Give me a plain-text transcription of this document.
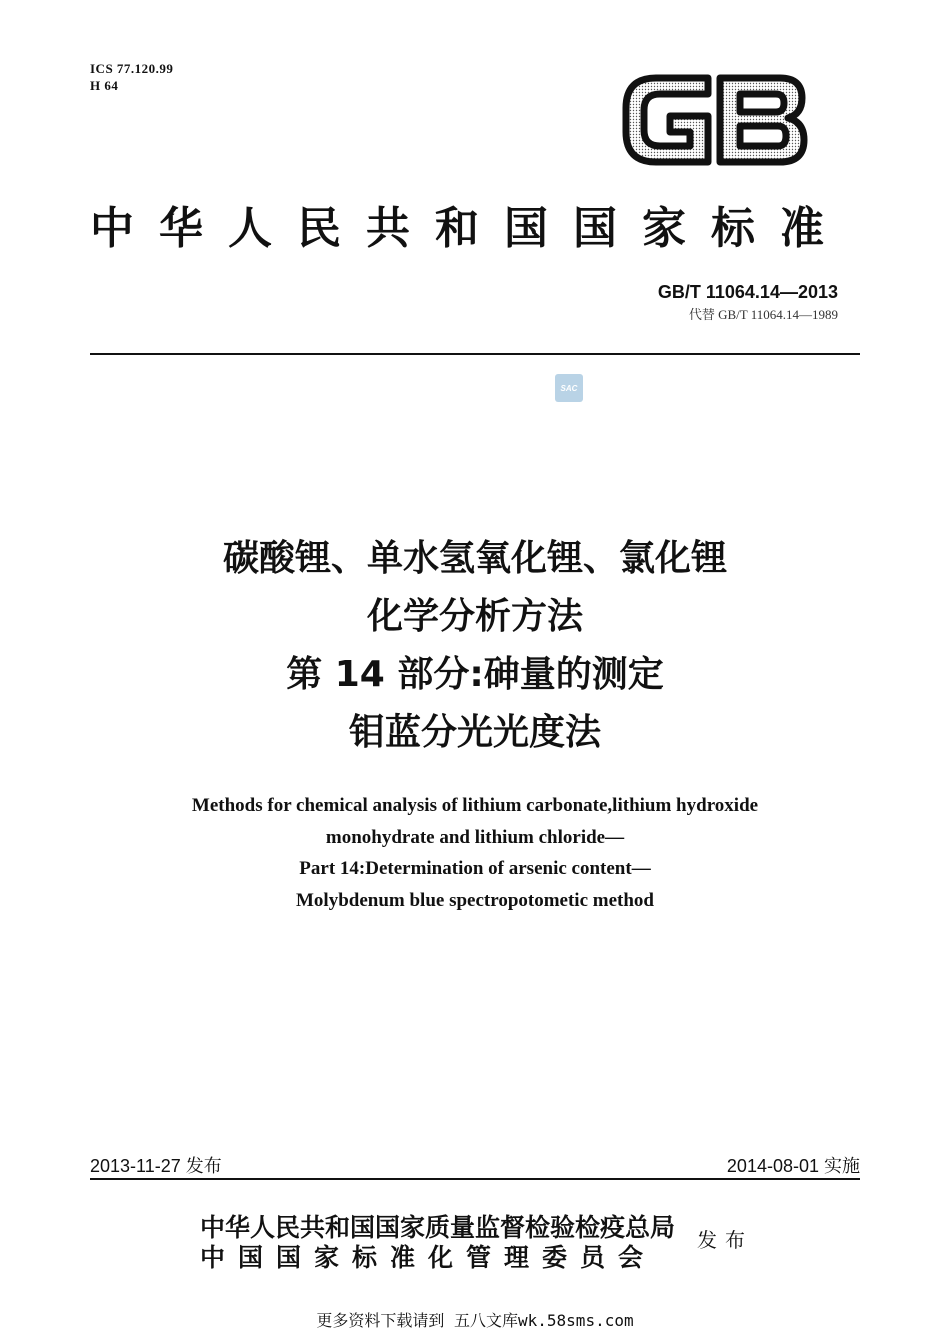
ICS 77.120.99
H 64
中华人民共和国国家标准
GB/T 11064.14—2013
代替 GB/T 11064.14—1989
SAC
碳酸锂、单水氢氧化锂、氯化锂
化学分析方法
第 14 部分:砷量的测定
钼蓝分光光度法
Methods for chemical analysis of lithium carbonate,lithium hydroxide
monohydrate and lithium chloride—
Part 14:Determination of arsenic content—
Molybdenum blue spectropotometic method
2013-11-27 发布	2014-08-01 实施
中华人民共和国国家质量监督检验检疫总局
中国国家标准化管理委员会
发布
更多资料下载请到 五八文库wk.58sms.com
